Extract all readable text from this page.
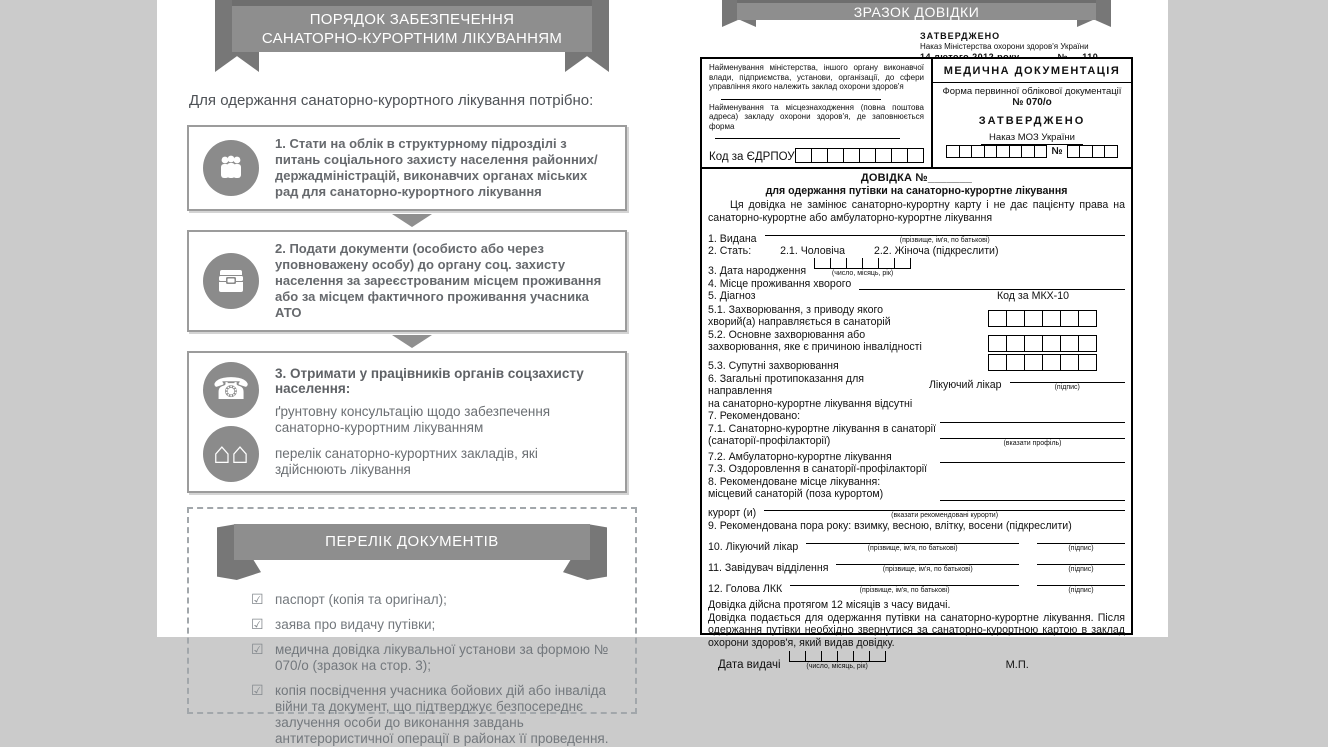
ПОРЯДОК ЗАБЕЗПЕЧЕННЯ
САНАТОРНО-КУРОРТНИМ ЛІКУВАННЯМ

Для одержання санаторно-курортного лікування потрібно:

1. Стати на облік в структурному підрозділі з питань соціального захисту населення районних/ держадміністрацій, виконавчих органах міських рад для санаторно-курортного лікування
2. Подати документи (особисто або через уповноважену особу) до органу соц. захисту населення за зареєстрованим місцем проживання або за місцем фактичного проживання учасника АТО
☎
⌂⌂
3. Отримати у працівників органів соцзахисту населення:
ґрунтовну консультацію щодо забезпечення санаторно-курортним лікуванням
перелік санаторно-курортних закладів, які здійснюють лікування
ПЕРЕЛІК ДОКУМЕНТІВ
☑ паспорт (копія та оригінал);
☑ заява про видачу путівки;
☑ медична довідка лікувальної установи за формою № 070/о (зразок на стор. 3);
☑ копія посвідчення учасника бойових дій або інваліда війни та документ, що підтверджує безпосереднє залучення особи до виконання завдань антитерористичної операції в районах її проведення.
ЗРАЗОК ДОВІДКИ
ЗАТВЕРДЖЕНО
Наказ Міністерства охорони здоров'я України

Найменування міністерства, іншого органу виконавчої влади, підприємства, установи, організації, до сфери управління якого належить заклад охорони здоров'я

Найменування та місцезнаходження (повна поштова адреса) закладу охорони здоров'я, де заповнюється форма

Код за ЄДРПОУ
МЕДИЧНА ДОКУМЕНТАЦІЯ
Форма первинної облікової документації
№ 070/о
ЗАТВЕРДЖЕНО
Наказ МОЗ України
№
ДОВІДКА №_______
для одержання путівки на санаторно-курортне лікування
Ця довідка не замінює санаторно-курортну карту і не дає пацієнту права на санаторно-курортне або амбулаторно-курортне лікування
1. Видана	(прізвище, ім'я, по батькові)
2. Стать:	2.1. Чоловіча	2.2. Жіноча (підкреслити)
3. Дата народження	(число, місяць, рік)
4. Місце проживання хворого
5. Діагноз	Код за МКХ-10
5.1. Захворювання, з приводу якого
хворий(а) направляється в санаторій
5.2. Основне захворювання або
захворювання, яке є причиною інвалідності
5.3. Супутні захворювання
6. Загальні протипоказання для направлення
на санаторно-курортне лікування відсутні
Лікуючий лікар	(підпис)
7. Рекомендовано:
7.1. Санаторно-курортне лікування в санаторії
(санаторії-профілакторії)	(вказати профіль)
7.2. Амбулаторно-курортне лікування
7.3. Оздоровлення в санаторії-профілакторії
8. Рекомендоване місце лікування:
місцевий санаторій (поза курортом)
курорт (и)	(вказати рекомендовані курорти)
9. Рекомендована пора року: взимку, весною, влітку, восени (підкреслити)
10. Лікуючий лікар	(прізвище, ім'я, по батькові)	(підпис)
11. Завідувач відділення	(прізвище, ім'я, по батькові)	(підпис)
12. Голова ЛКК	(прізвище, ім'я, по батькові)	(підпис)
Довідка дійсна протягом 12 місяців з часу видачі.
Довідка подається для одержання путівки на санаторно-курортне лікування. Після одержання путівки необхідно звернутися за санаторно-курортною картою в заклад охорони здоров'я, який видав довідку.
Дата видачі	(число, місяць, рік)	М.П.
